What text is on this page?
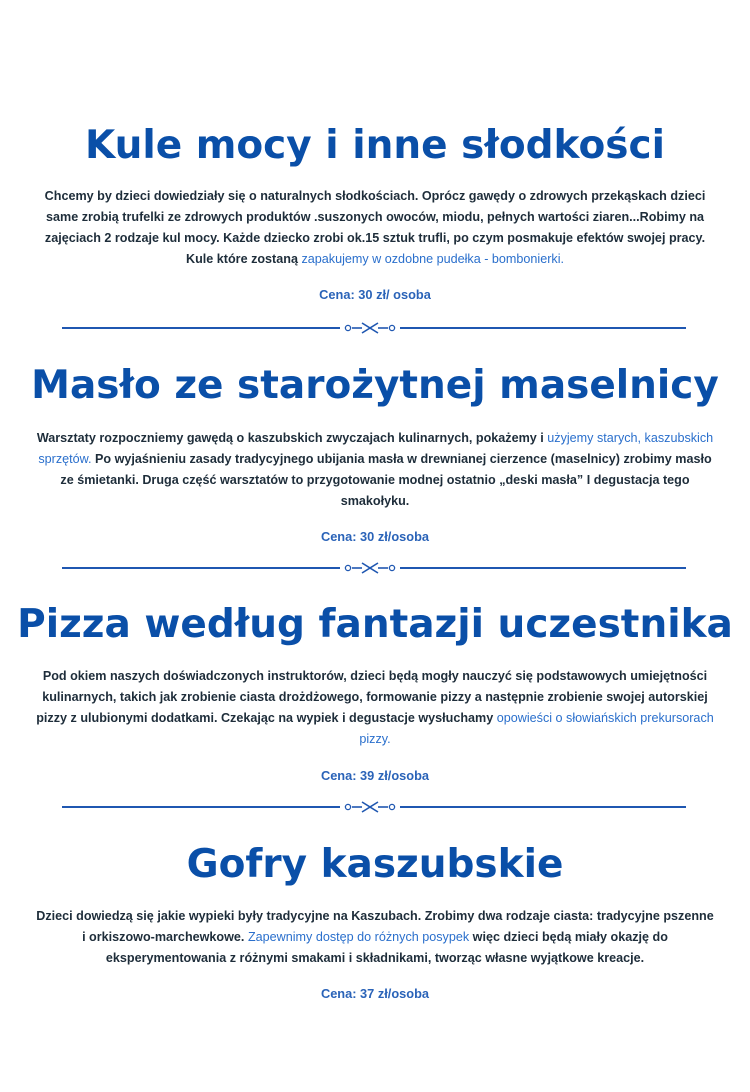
Kule mocy i inne słodkości

Chcemy by dzieci dowiedziały się o naturalnych słodkościach. Oprócz gawędy o zdrowych przekąskach dzieci same zrobią trufelki ze zdrowych produktów .suszonych owoców, miodu, pełnych wartości ziaren...Robimy na zajęciach 2 rodzaje kul mocy. Każde dziecko zrobi ok.15 sztuk trufli, po czym posmakuje efektów swojej pracy. Kule które zostaną zapakujemy w ozdobne pudełka - bombonierki.

Cena: 30 zł/ osoba

Masło ze starożytnej maselnicy

Warsztaty rozpoczniemy gawędą o kaszubskich zwyczajach kulinarnych, pokażemy i użyjemy starych, kaszubskich sprzętów. Po wyjaśnieniu zasady tradycyjnego ubijania masła w drewnianej cierzence (maselnicy) zrobimy masło ze śmietanki. Druga część warsztatów to przygotowanie modnej ostatnio „deski masła” I degustacja tego smakołyku.

Cena: 30 zł/osoba

Pizza według fantazji uczestnika

Pod okiem naszych doświadczonych instruktorów, dzieci będą mogły nauczyć się podstawowych umiejętności kulinarnych, takich jak zrobienie ciasta drożdżowego, formowanie pizzy a następnie zrobienie swojej autorskiej pizzy z ulubionymi dodatkami. Czekając na wypiek i degustacje wysłuchamy opowieści o słowiańskich prekursorach pizzy.

Cena: 39 zł/osoba

Gofry kaszubskie

Dzieci dowiedzą się jakie wypieki były tradycyjne na Kaszubach. Zrobimy dwa rodzaje ciasta: tradycyjne pszenne i orkiszowo-marchewkowe. Zapewnimy dostęp do różnych posypek więc dzieci będą miały okazję do eksperymentowania z różnymi smakami i składnikami, tworząc własne wyjątkowe kreacje.

Cena: 37 zł/osoba
